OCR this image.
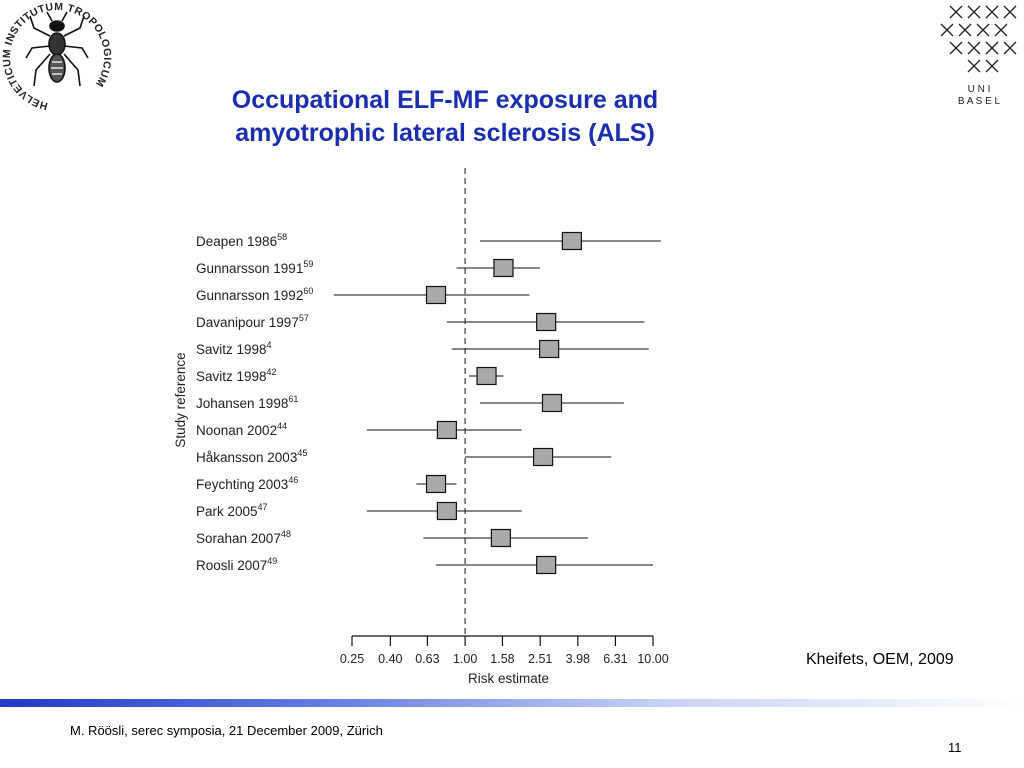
HELVETICUM INSTITUTUM TROPOLOGICUM
U N I
B A S E L
Occupational ELF-MF exposure and
amyotrophic lateral sclerosis (ALS)
Deapen 1986$^{58}$
Gunnarsson 1991$^{59}$
Gunnarsson 1992$^{60}$
Davanipour 1997$^{57}$
Savitz 1998$^4$
Savitz 1998$^{42}$
Johansen 1998$^{61}$
Noonan 2002$^{44}$
Håkansson 2003$^{45}$
Feychting 2003$^{46}$
Park 2005$^{47}$
Sorahan 2007$^{48}$
Roosli 2007$^{49}$
0.25 0.40 0.63 1.00 1.58 2.51 3.98 6.31 10.00
Risk estimate
Study reference
Kheifets, OEM, 2009
M. Röösli, serec symposia, 21 December 2009, Zürich
11
